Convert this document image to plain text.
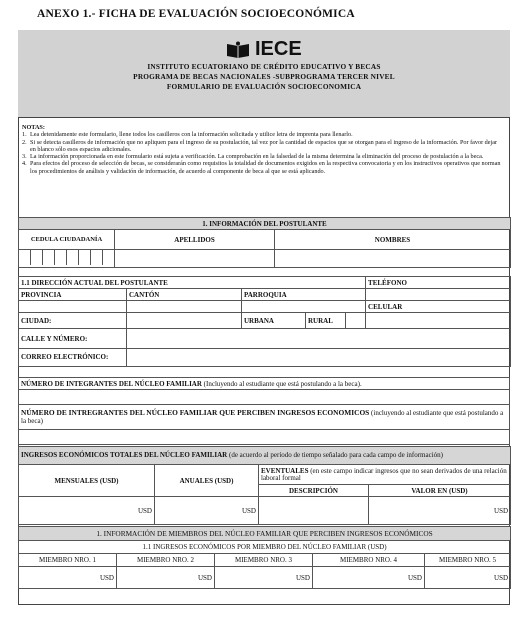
ANEXO 1.- FICHA DE EVALUACIÓN SOCIOECONÓMICA
IECE
INSTITUTO ECUATORIANO DE CRÉDITO EDUCATIVO Y BECAS
PROGRAMA DE BECAS NACIONALES -SUBPROGRAMA TERCER NIVEL
FORMULARIO DE EVALUACIÓN SOCIOECONOMICA
NOTAS:
1. Lea detenidamente este formulario, llene todos los casilleros con la información solicitada y utilice letra de imprenta para llenarlo.
2. Si se detecta casilleros de información que no apliquen para el ingreso de su postulación, tal vez por la cantidad de espacios que se otorgan para el ingreso de la información. Por favor dejar en blanco sólo esos espacios adicionales.
3. La información proporcionada en este formulario está sujeta a verificación. La comprobación en la falsedad de la misma determina la eliminación del proceso de postulación a la beca.
4. Para efectos del proceso de selección de becas, se considerarán como requisitos la totalidad de documentos exigidos en la respectiva convocatoria y en los instructivos operativos que norman los procedimientos de análisis y validación de información, de acuerdo al componente de beca al que se está aplicando.
1. INFORMACIÓN DEL POSTULANTE		
CEDULA CIUDADANÍA	APELLIDOS	NOMBRES

1.1 DIRECCIÓN ACTUAL DEL POSTULANTE					TELÉFONO
PROVINCIA	CANTÓN	PARROQUIA			
					CELULAR
CIUDAD:		URBANA	RURAL		
CALLE Y NÚMERO:					
CORREO ELECTRÓNICO:					
NÚMERO DE INTEGRANTES DEL NÚCLEO FAMILIAR (Incluyendo al estudiante que está postulando a la beca).

NÚMERO DE INTREGRANTES DEL NÚCLEO FAMILIAR QUE PERCIBEN INGRESOS ECONOMICOS (incluyendo al estudiante que está postulando a la beca)

INGRESOS ECONÓMICOS TOTALES DEL NÚCLEO FAMILIAR (de acuerdo al período de tiempo señalado para cada campo de información)			
MENSUALES (USD)	ANUALES (USD)	EVENTUALES (en este campo indicar ingresos que no sean derivados de una relación laboral formal	
		DESCRIPCIÓN	VALOR EN (USD)
USD	USD		USD
1. INFORMACIÓN DE MIEMBROS DEL NÚCLEO FAMILIAR QUE PERCIBEN INGRESOS ECONÓMICOS				
1.1 INGRESOS ECONÓMICOS POR MIEMBRO DEL NÚCLEO FAMILIAR (USD)				
MIEMBRO NRO. 1	MIEMBRO NRO. 2	MIEMBRO NRO. 3	MIEMBRO NRO. 4	MIEMBRO NRO. 5
USD	USD	USD	USD	USD
